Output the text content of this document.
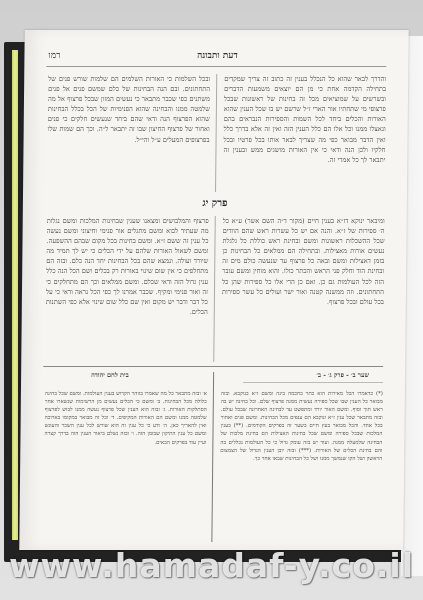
דעת ותבונה
רמו
והדרך לבאר שהוא כל הנכלל בענין זה כתוב זה צריך שמקדים בתחילה הקדמה אחת כי מן הם יוצאים משמעות הדברים ובשרשים על שמוציאים מכל זה בחינות של ראשונות שבכל פרצופי מי שתחתיו אור הארי ז״ל שרשם יש בו שכל הענין שהוא האורות והכלים ביחד לכל השמות והספירות הנבראים בהם ונאצלו ממנו וכל אלו הם כלל הענין הזה ואין זה אלא בדרך כלל ואין הדבר מבואר כפי מה שצריך לבאר אותו בכל פרטיו ובכל חלקיו ולכן הנה ודאי כי אין האורות מושגים ממש ובענין זה יתבאר לך כל אמרי זה.
ובכל השלמות כי האורות השלמים הם שלמות שורש פנים של התחתונים. ובם הנה הבחינות של כלם שמשם פנים אל פנים משתנים כפי שכבר מתבאר כי נעשים המזון שבכל פרצוף אל מה שלמטה ממנו והבחינה שהוא הפנימיות של הכל בכלל הבחינות שהוא הפרצוף הנה ודאי שהם ביחד שנעשים חלקים כי פנים ואחור של פרצוף החיצון שבו זה יתבאר ל״ה. וכך הם שמות שלו בפרצופים המעלים ע״ל והי״ל.
פרק יג
ומיבאר ינוקא דז״א בענין חיים (מקור ד״ה השם אשר) ע״א כל ה׳ ספירות של ז״א. והנה אם יש כל עשרות ראש שהם הוודים שכל ההשכלות ראשונות ומשם ובחינת ראש כוללת כל גלגלת נעשים אורות מאצילות. ובתחילה הם ממלאים כל הבחינות כן בזמן דאצילות ומשם ובאה כל פרצוף עד שנעשה כולם מים זה ובחינת הוד וחלק פני הראש והכתר כולו. והוא מוחין ומשם עובר הזה לכל העולמות גם כן. ואם כן הרי אלו כל ספירות שהן כל התחתונים. וזה ממשנה קטנה ואור ישר ועולים כל עשר ספירות בכל עולם ובכל פרצוף.
פרצוף והמלבושים ומצאנו שענין שבחינות המלכות ומשם נגלות מה שעתיד לבוא ומשם מתגלים אור פנימי וחיצוני ומשם נעשה כל ענין זה ששם ז״א. ומשם בחינות בכל מקום שבהם ההשפעה. ומשם לשאול האורות שלהם על ידי הכלים כי יש לך תמיד מה שיורד ועולה. ונמצא שהם בכל הבחינות יחד הנה כלם. ובזה הם מתחלפים כי אין שום שינוי באורות רק בכלים ושם הכל הנה כלל ענין גדול הזה ודאי שכלם. ומשם ממלאים וכך הם מתחלקים כי זה ואור פנימי ומקיף. שכבר אמרנו לך כפי הכל נראה ודאי כי על כל דבר ודבר יש מקום ואין שם כלל שום שינוי אלא כפי השתנות הכלים.
שער ב׳ - פרק ג׳ - ב׳
בית לחם יהודה
(*) כדאמרו הכל מאירות הוא כתר בחכמה בינה ומשם ז״א בנוקבא. ובזה מבואר כל הענין שבו שכל ספירה נעשית ממנה פרצוף שלם. וכל בחינה יש בה ראש תוך וסוף. ומשם האור יורד ומתפשט עד לבחינה האחרונה שבכל עולם. ובזה מתבאר שכל ענין ז״א ונוקבא הם ענפים מכל הבחינות. ומשם פנים ואחור בכל אחד. והכל מבואר בעץ חיים בשער זה בפרקים הקודמים. (**) בענין המלכות שבכל ספירה ומשם שכל בחינות האצילות הם בחינת מלכות של הבחינה שלמעלה ממנה. ועוד יש בזה עומק גדול כי כל העולמות נכללים בה והם בחינת הכלים של האורות. (***) ובזה יובן הענין הגדול של הצמצום הראשון ושל הקו שנמשך ממנו ושל כל הבחינות שבאו אחר כך.
א׳ ובזה מתבאר כל מה שאמרו בזוהר הקדוש בענין העולמות. ומשם שכל בחינה כלולה מכל הבחינות. ב׳ ומשם כי הכלים נעשים מן הרשימות שנשארו אחר הסתלקות האורות. ג׳ ובזה הוא הענין שכל פרצוף נעשה ממנו לבוש לפרצוף שלמטה ממנו ומשם הם האורות המקיפים. ד׳ וכל זה מבואר במקומו בארוכה ואין להאריך כאן. ה׳ ודע כי כל ענין זה הוא שורש לכל ענין השכר והעונש ומשם כל ענין התיקון שבזמן הזה. ו׳ ובזה נשלם ביאור הענין הזה בדרך קצרה ועיין עוד בפרקים הבאים.
www.hamadaf-y.co.il
